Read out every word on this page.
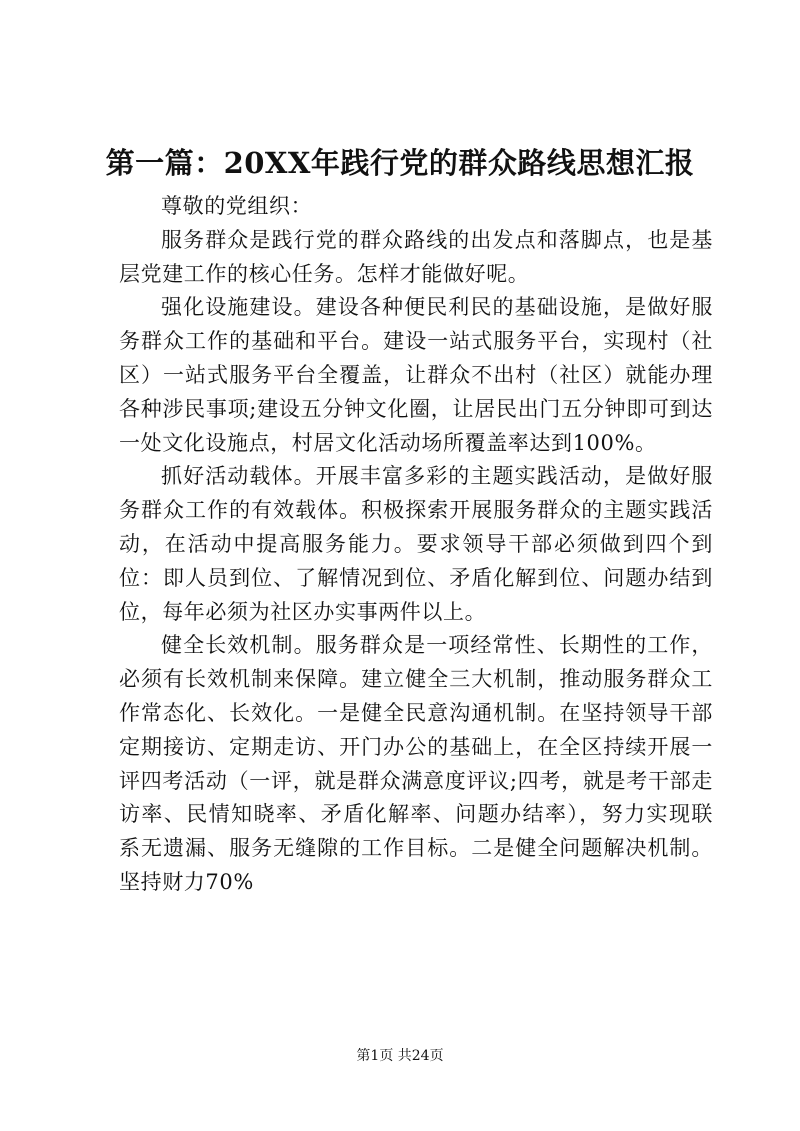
第一篇：20XX年践行党的群众路线思想汇报

尊敬的党组织：

服务群众是践行党的群众路线的出发点和落脚点，也是基层党建工作的核心任务。怎样才能做好呢。

强化设施建设。建设各种便民利民的基础设施，是做好服务群众工作的基础和平台。建设一站式服务平台，实现村（社区）一站式服务平台全覆盖，让群众不出村（社区）就能办理各种涉民事项;建设五分钟文化圈，让居民出门五分钟即可到达一处文化设施点，村居文化活动场所覆盖率达到100%。

抓好活动载体。开展丰富多彩的主题实践活动，是做好服务群众工作的有效载体。积极探索开展服务群众的主题实践活动，在活动中提高服务能力。要求领导干部必须做到四个到位：即人员到位、了解情况到位、矛盾化解到位、问题办结到位，每年必须为社区办实事两件以上。

健全长效机制。服务群众是一项经常性、长期性的工作，必须有长效机制来保障。建立健全三大机制，推动服务群众工作常态化、长效化。一是健全民意沟通机制。在坚持领导干部定期接访、定期走访、开门办公的基础上，在全区持续开展一评四考活动（一评，就是群众满意度评议;四考，就是考干部走访率、民情知晓率、矛盾化解率、问题办结率），努力实现联系无遗漏、服务无缝隙的工作目标。二是健全问题解决机制。坚持财力70%

第1页 共24页
